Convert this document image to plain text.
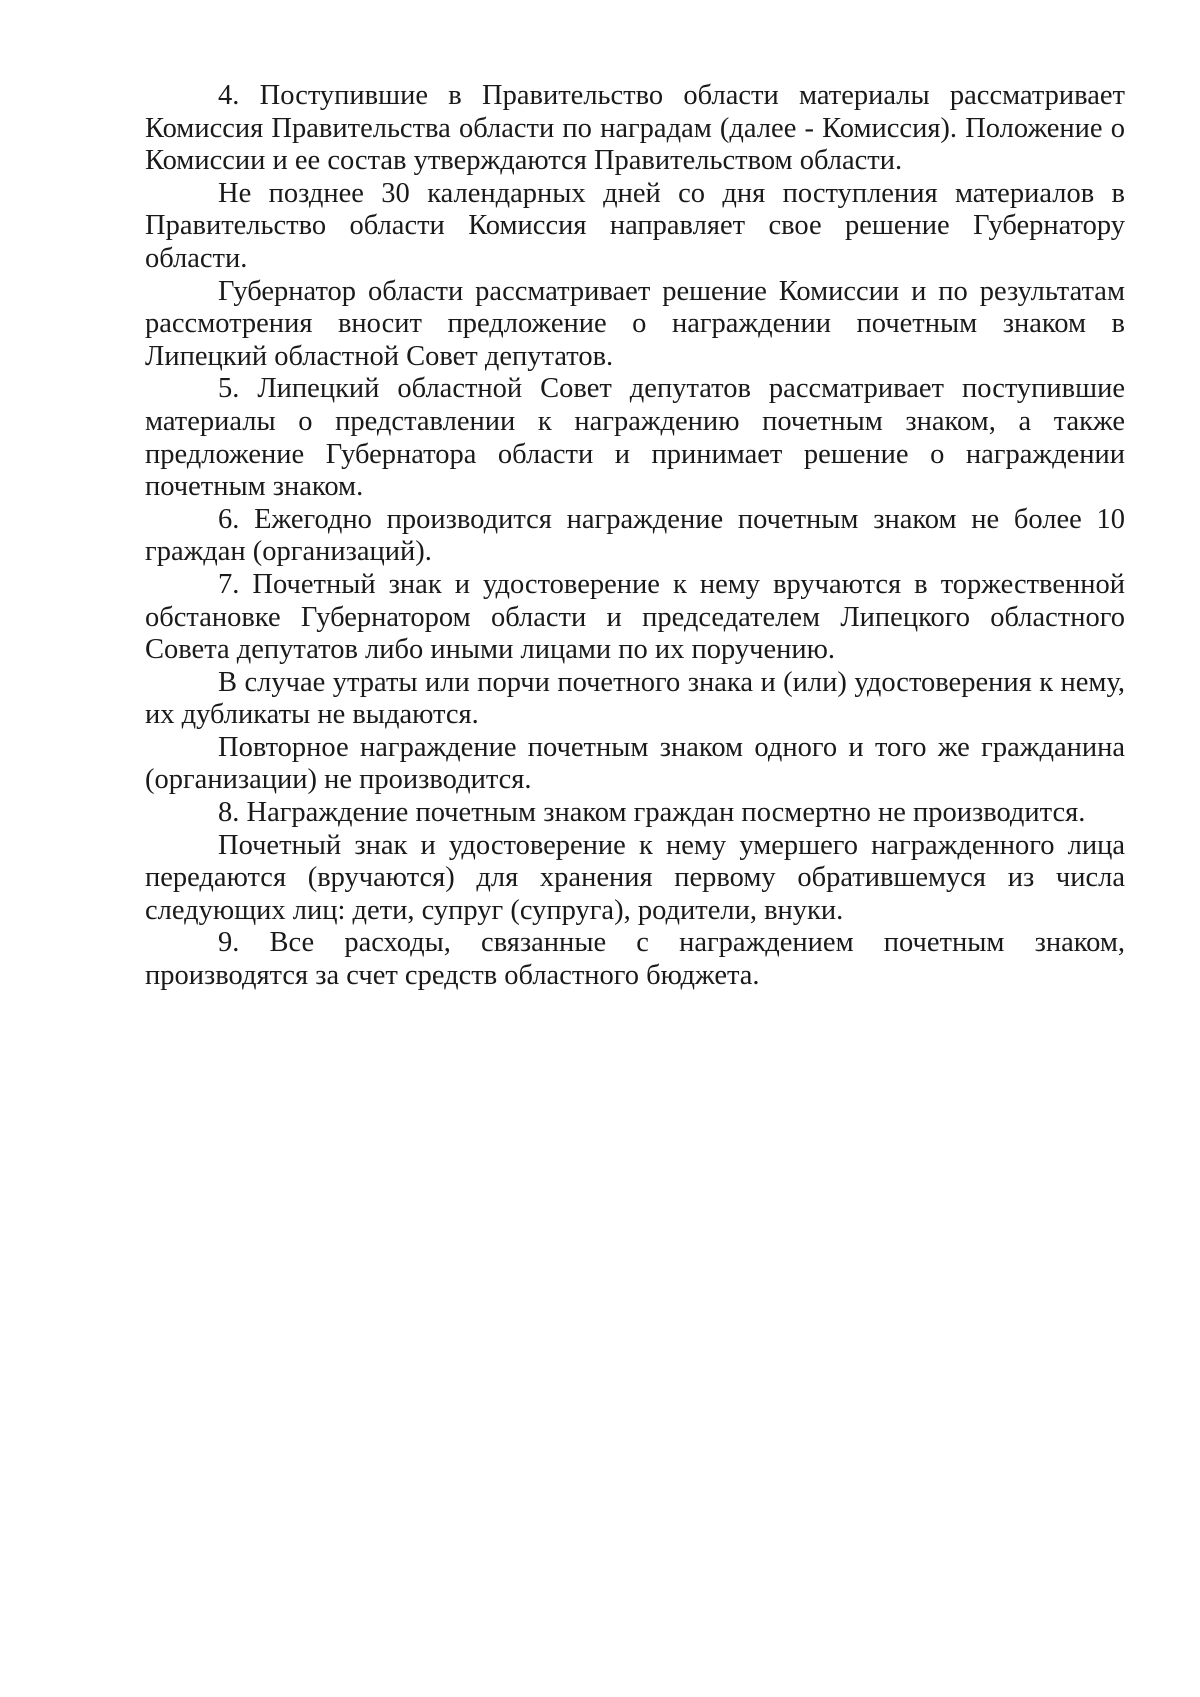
4. Поступившие в Правительство области материалы рассматривает Комиссия Правительства области по наградам (далее - Комиссия). Положение о Комиссии и ее состав утверждаются Правительством области.

Не позднее 30 календарных дней со дня поступления материалов в Правительство области Комиссия направляет свое решение Губернатору области.

Губернатор области рассматривает решение Комиссии и по результатам рассмотрения вносит предложение о награждении почетным знаком в Липецкий областной Совет депутатов.

5. Липецкий областной Совет депутатов рассматривает поступившие материалы о представлении к награждению почетным знаком, а также предложение Губернатора области и принимает решение о награждении почетным знаком.

6. Ежегодно производится награждение почетным знаком не более 10 граждан (организаций).

7. Почетный знак и удостоверение к нему вручаются в торжественной обстановке Губернатором области и председателем Липецкого областного Совета депутатов либо иными лицами по их поручению.

В случае утраты или порчи почетного знака и (или) удостоверения к нему, их дубликаты не выдаются.

Повторное награждение почетным знаком одного и того же гражданина (организации) не производится.

8. Награждение почетным знаком граждан посмертно не производится.

Почетный знак и удостоверение к нему умершего награжденного лица передаются (вручаются) для хранения первому обратившемуся из числа следующих лиц: дети, супруг (супруга), родители, внуки.

9. Все расходы, связанные с награждением почетным знаком, производятся за счет средств областного бюджета.
